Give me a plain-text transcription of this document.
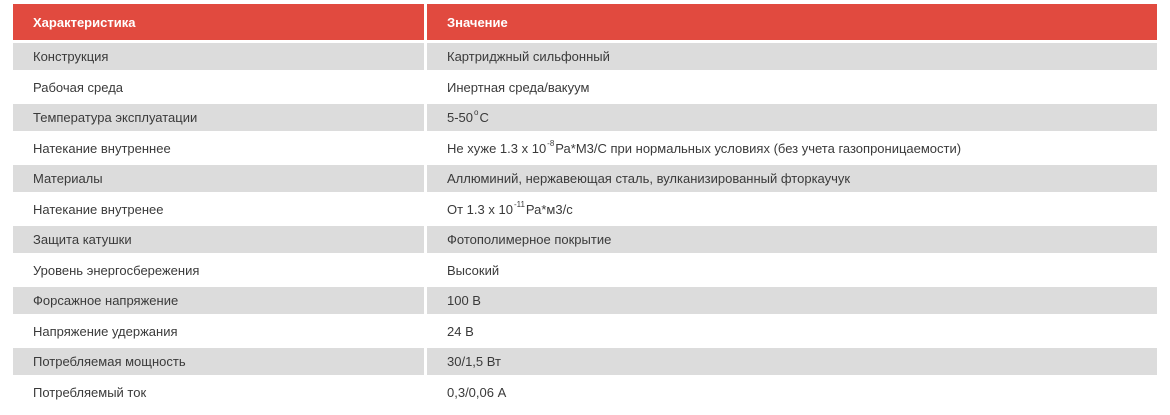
Характеристика	Значение
Конструкция	Картриджный сильфонный
Рабочая среда	Инертная среда/вакуум
Температура эксплуатации	5-50 о С
Натекание внутреннее	Не хуже 1.3 х 10 -8 Ра*М3/С при нормальных условиях (без учета газопроницаемости)
Материалы	Аллюминий, нержавеющая сталь, вулканизированный фторкаучук
Натекание внутренее	От 1.3 х 10 -11 Ра*м3/с
Защита катушки	Фотополимерное покрытие
Уровень энергосбережения	Высокий
Форсажное напряжение	100 В
Напряжение удержания	24 В
Потребляемая мощность	30/1,5 Вт
Потребляемый ток	0,3/0,06 А
